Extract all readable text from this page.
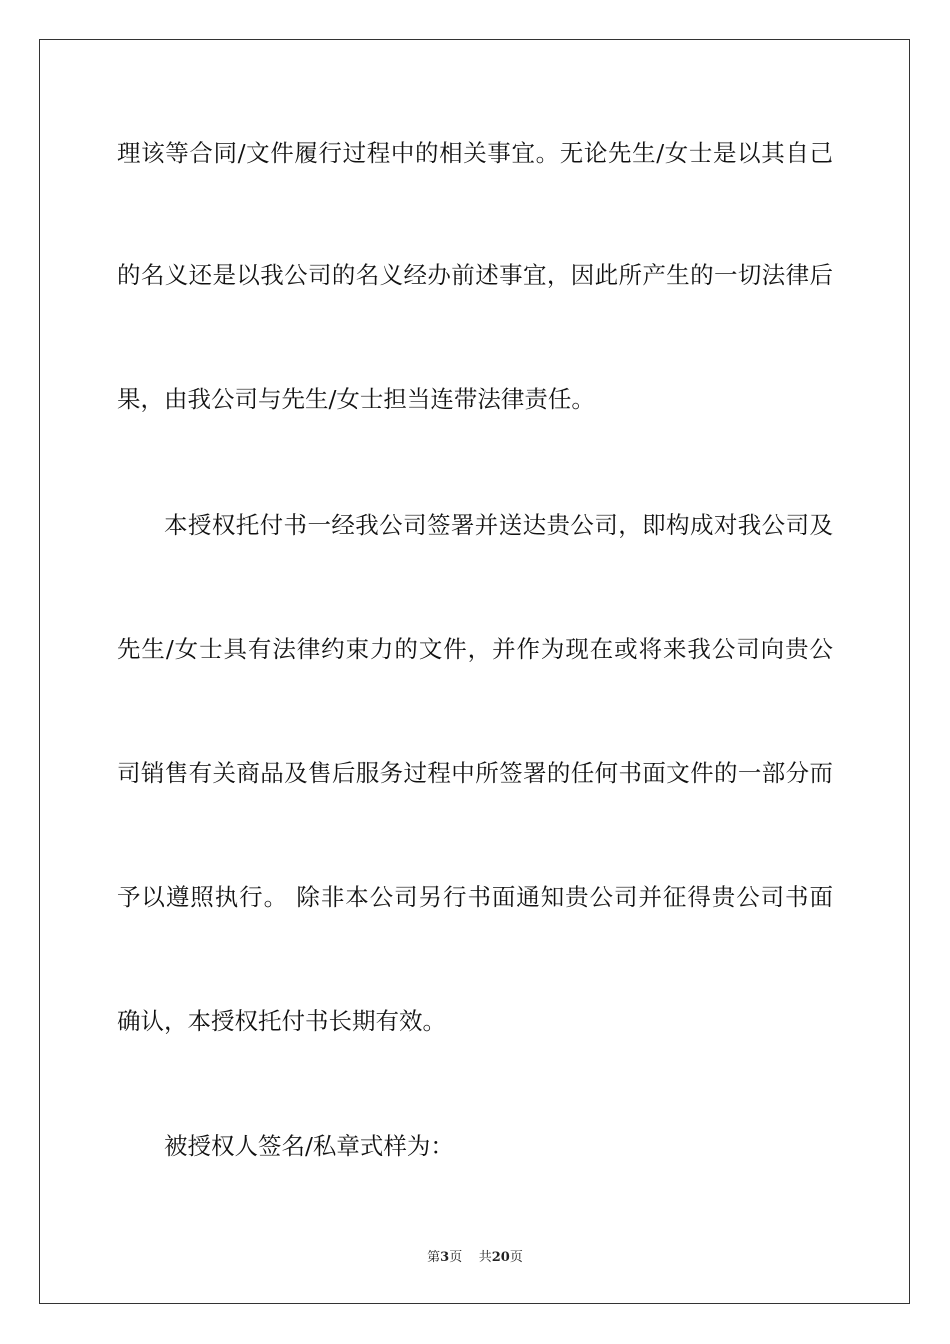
理该等合同/文件履行过程中的相关事宜。无论先生/女士是以其自己
的名义还是以我公司的名义经办前述事宜，因此所产生的一切法律后
果，由我公司与先生/女士担当连带法律责任。
本授权托付书一经我公司签署并送达贵公司，即构成对我公司及
先生/女士具有法律约束力的文件，并作为现在或将来我公司向贵公
司销售有关商品及售后服务过程中所签署的任何书面文件的一部分而
予以遵照执行。 除非本公司另行书面通知贵公司并征得贵公司书面
确认，本授权托付书长期有效。
被授权人签名/私章式样为：
第3页 共20页
